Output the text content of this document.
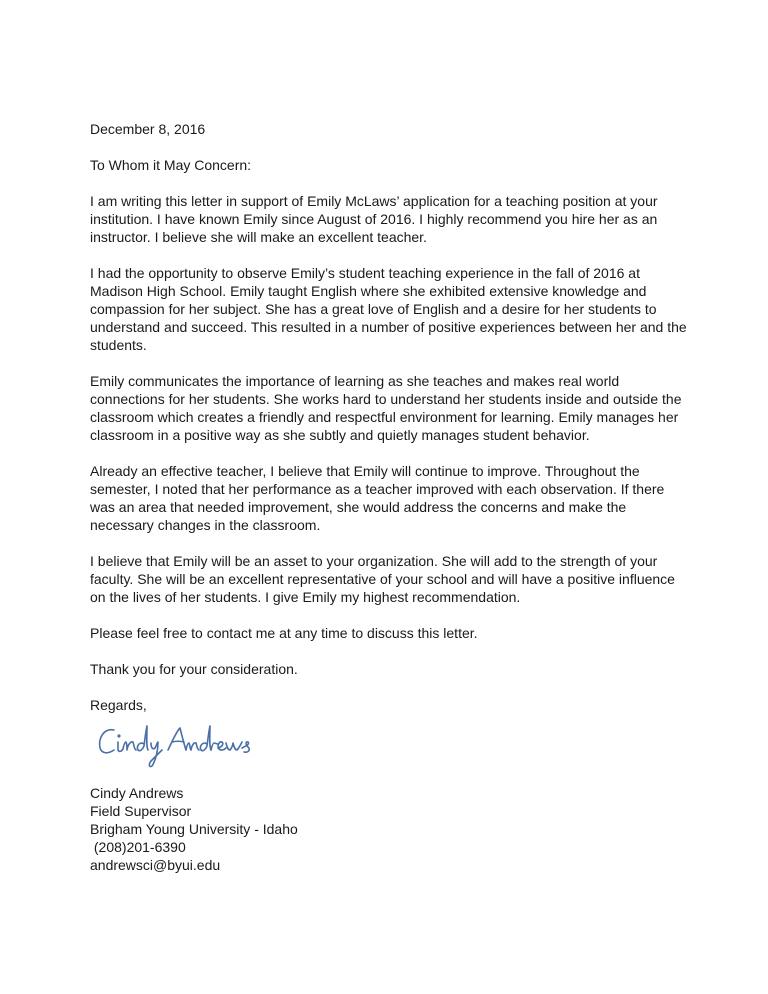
December 8, 2016

To Whom it May Concern:

I am writing this letter in support of Emily McLaws’ application for a teaching position at your institution. I have known Emily since August of 2016. I highly recommend you hire her as an instructor. I believe she will make an excellent teacher.

I had the opportunity to observe Emily’s student teaching experience in the fall of 2016 at Madison High School. Emily taught English where she exhibited extensive knowledge and compassion for her subject. She has a great love of English and a desire for her students to understand and succeed. This resulted in a number of positive experiences between her and the students.

Emily communicates the importance of learning as she teaches and makes real world connections for her students. She works hard to understand her students inside and outside the classroom which creates a friendly and respectful environment for learning. Emily manages her classroom in a positive way as she subtly and quietly manages student behavior.

Already an effective teacher, I believe that Emily will continue to improve. Throughout the semester, I noted that her performance as a teacher improved with each observation. If there was an area that needed improvement, she would address the concerns and make the necessary changes in the classroom.

I believe that Emily will be an asset to your organization. She will add to the strength of your faculty. She will be an excellent representative of your school and will have a positive influence on the lives of her students. I give Emily my highest recommendation.

Please feel free to contact me at any time to discuss this letter.

Thank you for your consideration.

Regards,

Cindy Andrews
Field Supervisor
Brigham Young University - Idaho
(208)201-6390
andrewsci@byui.edu
